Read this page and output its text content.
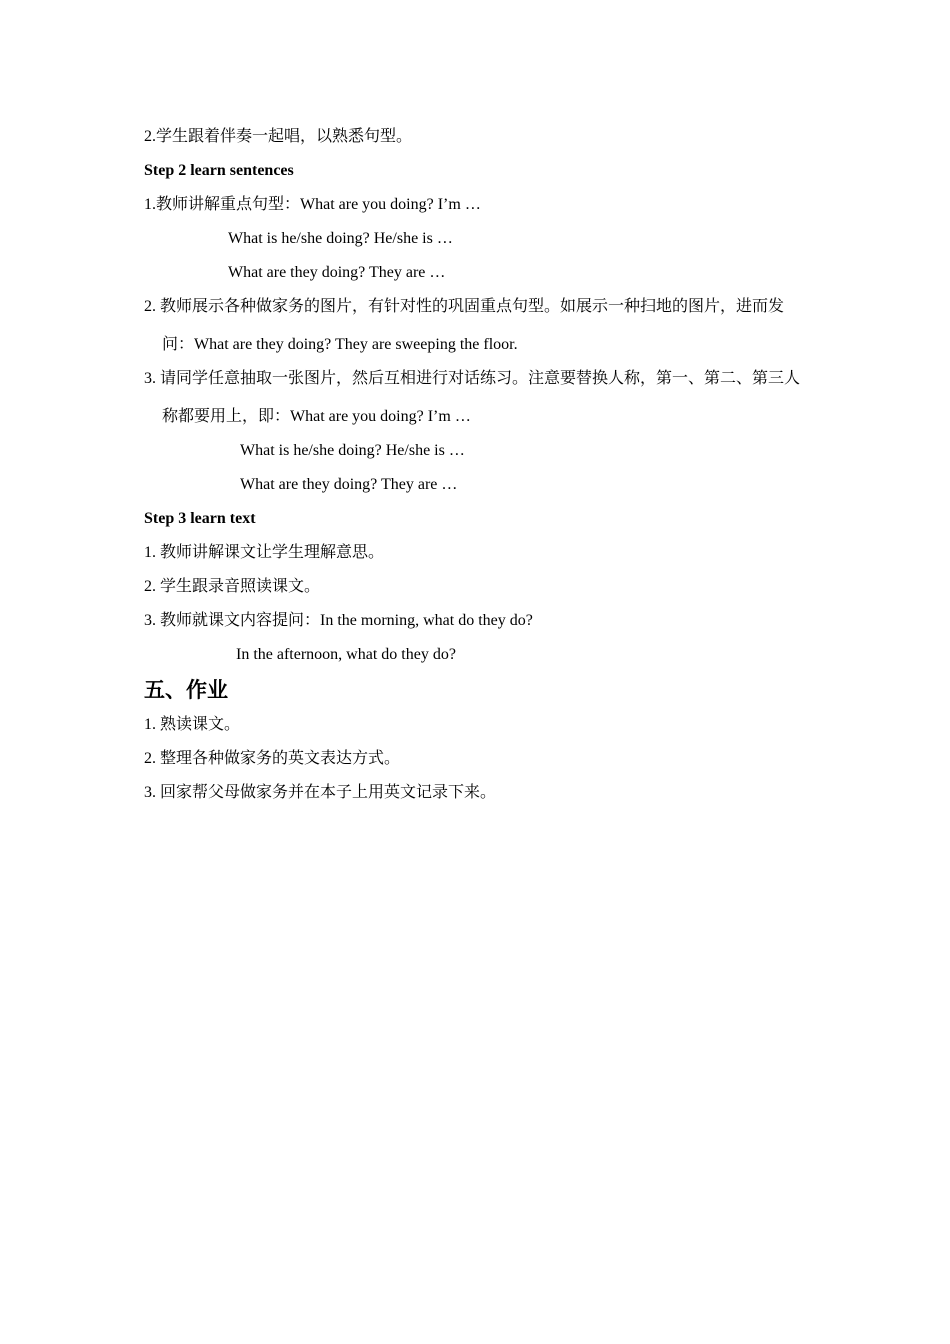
2.学生跟着伴奏一起唱，以熟悉句型。
Step 2 learn sentences
1.教师讲解重点句型：What are you doing? I’m …
What is he/she doing? He/she is …
What are they doing? They are …
2. 教师展示各种做家务的图片，有针对性的巩固重点句型。如展示一种扫地的图片，进而发
问：What are they doing? They are sweeping the floor.
3. 请同学任意抽取一张图片，然后互相进行对话练习。注意要替换人称，第一、第二、第三人
称都要用上，即：What are you doing? I’m …
What is he/she doing? He/she is …
What are they doing? They are …
Step 3 learn text
1. 教师讲解课文让学生理解意思。
2. 学生跟录音照读课文。
3. 教师就课文内容提问：In the morning, what do they do?
In the afternoon, what do they do?
五、作业
1. 熟读课文。
2. 整理各种做家务的英文表达方式。
3. 回家帮父母做家务并在本子上用英文记录下来。
